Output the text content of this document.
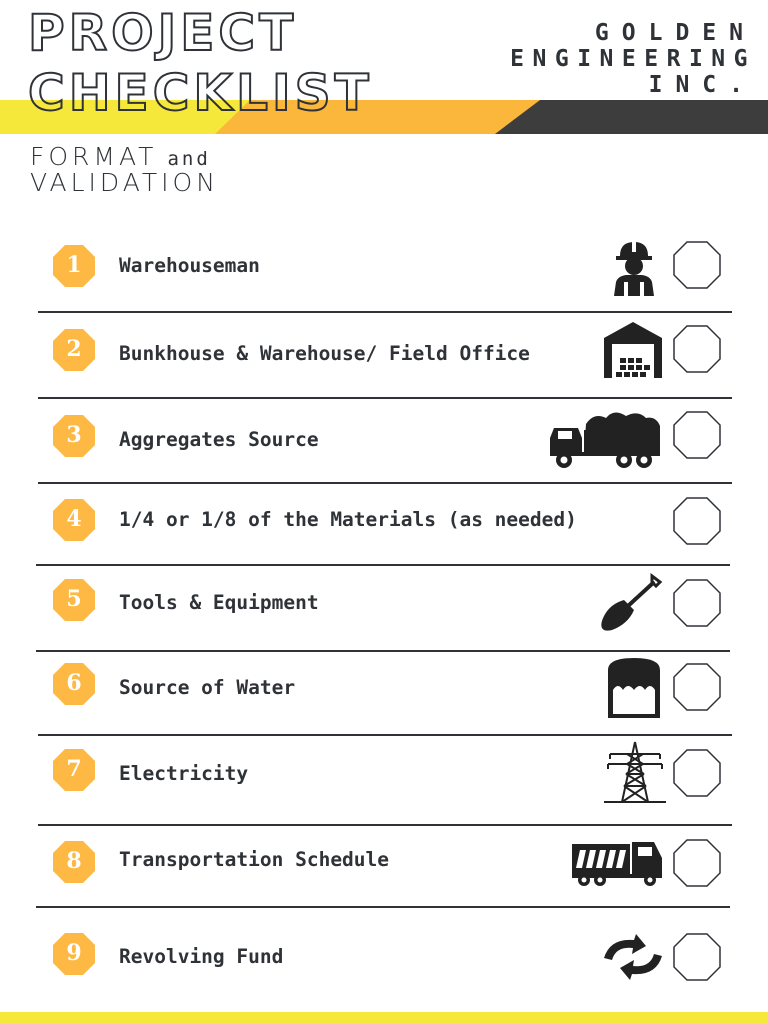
PROJECT
CHECKLIST
GOLDEN
ENGINEERING
INC.
FORMAT and
VALIDATION
1	Warehouseman
2	Bunkhouse & Warehouse/ Field Office
3	Aggregates Source
4	1/4 or 1/8 of the Materials (as needed)
5	Tools & Equipment
6	Source of Water
7	Electricity
8	Transportation Schedule
9	Revolving Fund
